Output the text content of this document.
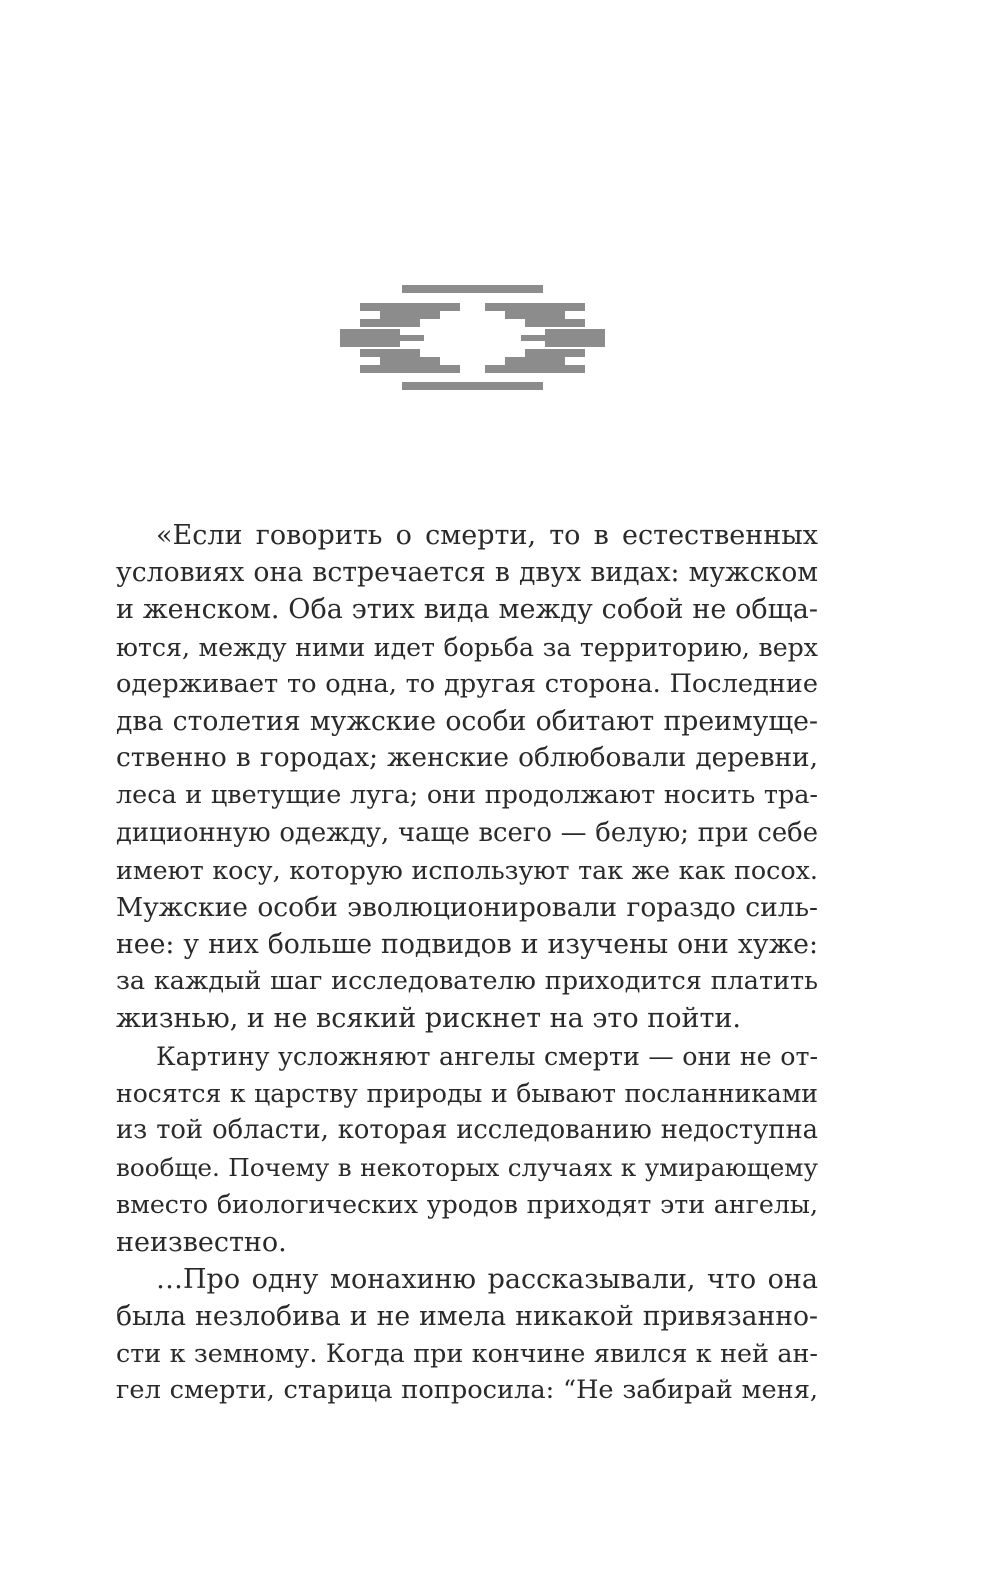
«Если говорить о смерти, то в естественных
условиях она встречается в двух видах: мужском
и женском. Оба этих вида между собой не обща-
ются, между ними идет борьба за территорию, верх
одерживает то одна, то другая сторона. Последние
два столетия мужские особи обитают преимуще-
ственно в городах; женские облюбовали деревни,
леса и цветущие луга; они продолжают носить тра-
диционную одежду, чаще всего — белую; при себе
имеют косу, которую используют так же как посох.
Мужские особи эволюционировали гораздо силь-
нее: у них больше подвидов и изучены они хуже:
за каждый шаг исследователю приходится платить
жизнью, и не всякий рискнет на это пойти.
Картину усложняют ангелы смерти — они не от-
носятся к царству природы и бывают посланниками
из той области, которая исследованию недоступна
вообще. Почему в некоторых случаях к умирающему
вместо биологических уродов приходят эти ангелы,
неизвестно.
…Про одну монахиню рассказывали, что она
была незлобива и не имела никакой привязанно-
сти к земному. Когда при кончине явился к ней ан-
гел смерти, старица попросила: “Не забирай меня,
